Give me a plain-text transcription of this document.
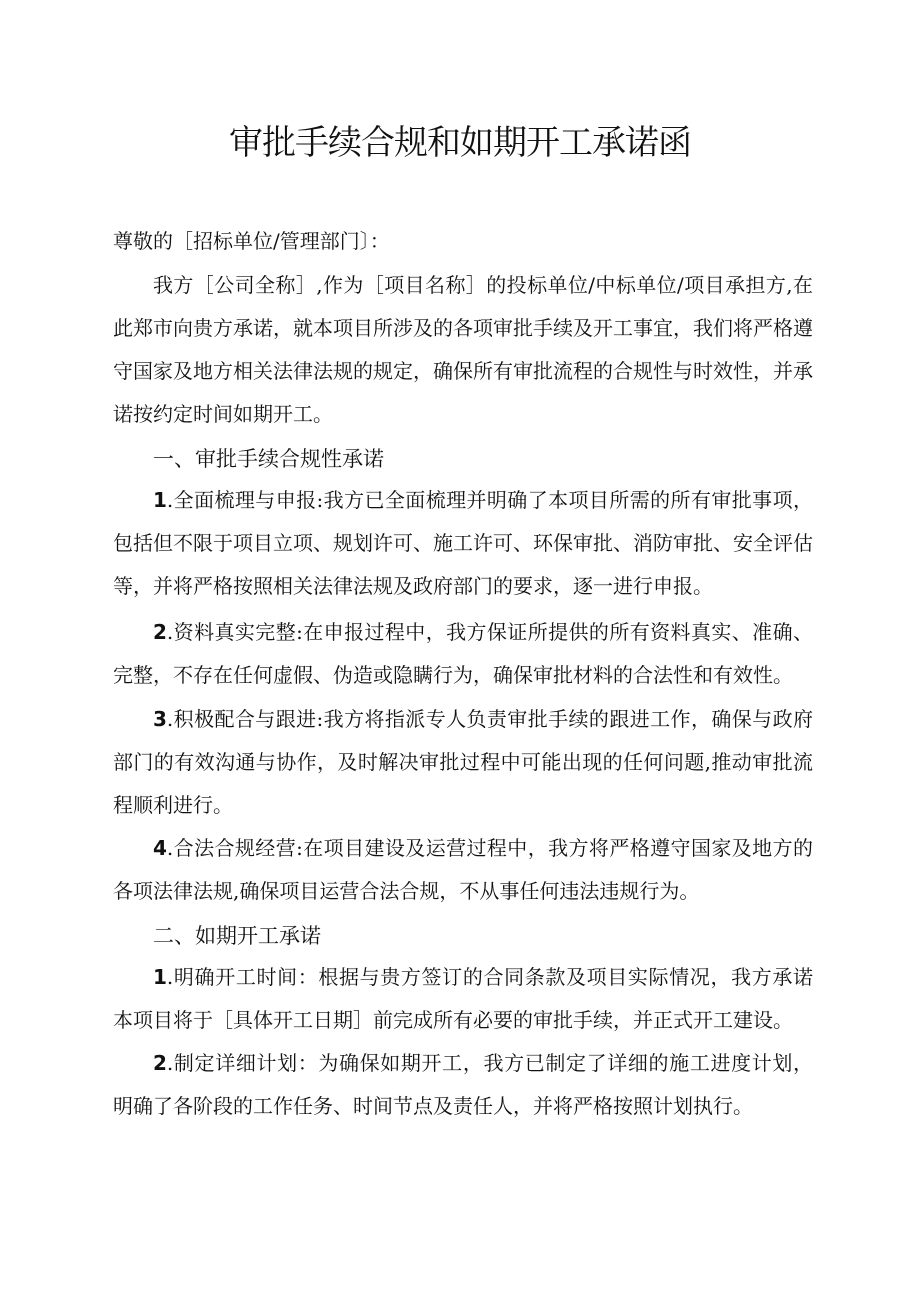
审批手续合规和如期开工承诺函

尊敬的［招标单位/管理部门〕：

我方［公司全称］,作为［项目名称］的投标单位/中标单位/项目承担方,在此郑市向贵方承诺，就本项目所涉及的各项审批手续及开工事宜，我们将严格遵守国家及地方相关法律法规的规定，确保所有审批流程的合规性与时效性，并承诺按约定时间如期开工。

一、审批手续合规性承诺

1.全面梳理与申报:我方已全面梳理并明确了本项目所需的所有审批事项，包括但不限于项目立项、规划许可、施工许可、环保审批、消防审批、安全评估等，并将严格按照相关法律法规及政府部门的要求，逐一进行申报。

2.资料真实完整:在申报过程中，我方保证所提供的所有资料真实、准确、完整，不存在任何虚假、伪造或隐瞒行为，确保审批材料的合法性和有效性。

3.积极配合与跟进:我方将指派专人负责审批手续的跟进工作，确保与政府部门的有效沟通与协作，及时解决审批过程中可能出现的任何问题,推动审批流程顺利进行。

4.合法合规经营:在项目建设及运营过程中，我方将严格遵守国家及地方的各项法律法规,确保项目运营合法合规，不从事任何违法违规行为。

二、如期开工承诺

1.明确开工时间：根据与贵方签订的合同条款及项目实际情况，我方承诺本项目将于［具体开工日期］前完成所有必要的审批手续，并正式开工建设。

2.制定详细计划：为确保如期开工，我方已制定了详细的施工进度计划，明确了各阶段的工作任务、时间节点及责任人，并将严格按照计划执行。
